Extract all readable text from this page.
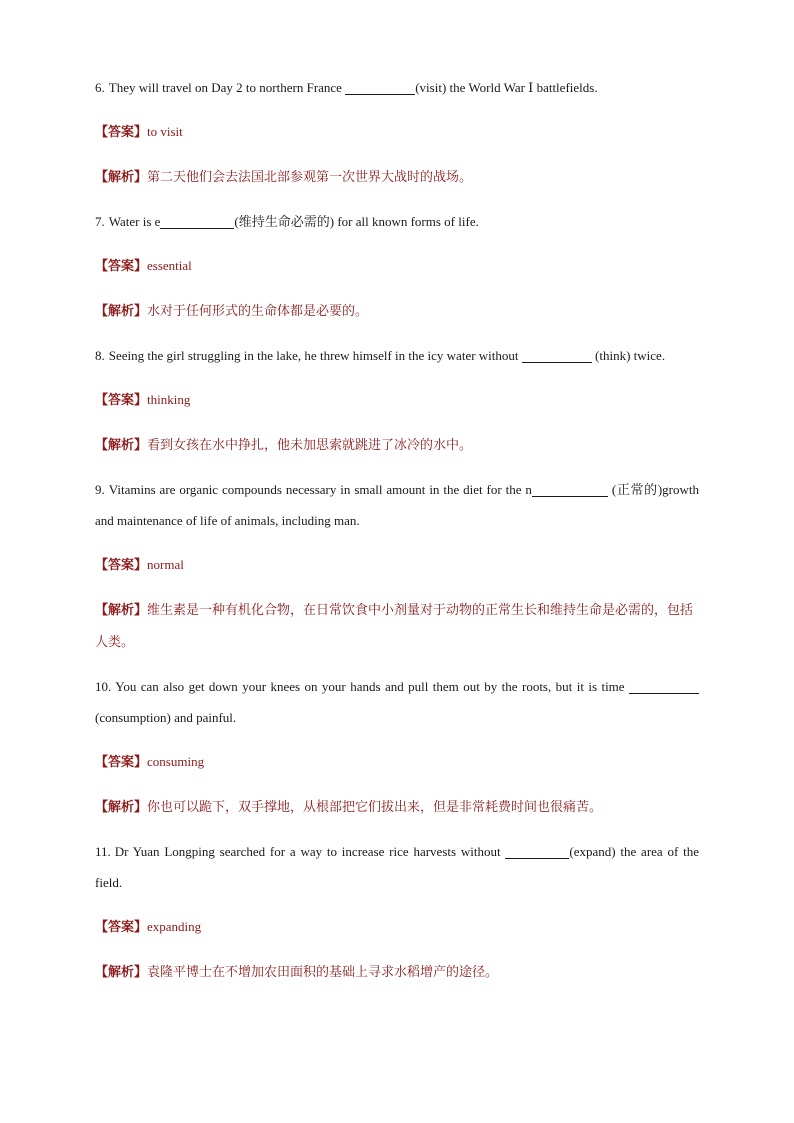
6. They will travel on Day 2 to northern France	(visit) the World War Ⅰ battlefields.

【答案】to visit

【解析】第二天他们会去法国北部参观第一次世界大战时的战场。

7. Water is e	(维持生命必需的) for all known forms of life.

【答案】essential

【解析】水对于任何形式的生命体都是必要的。

8. Seeing the girl struggling in the lake, he threw himself in the icy water without	(think) twice.

【答案】thinking

【解析】看到女孩在水中挣扎，他未加思索就跳进了冰冷的水中。

9. Vitamins are organic compounds necessary in small amount in the diet for the n	(正常的)growth and maintenance of life of animals, including man.

【答案】normal

【解析】维生素是一种有机化合物，在日常饮食中小剂量对于动物的正常生长和维持生命是必需的，包括人类。

10. You can also get down your knees on your hands and pull them out by the roots, but it is time  (consumption) and painful.

【答案】consuming

【解析】你也可以跪下，双手撑地，从根部把它们拔出来，但是非常耗费时间也很痛苦。

11. Dr Yuan Longping searched for a way to increase rice harvests without	(expand) the area of the field.

【答案】expanding

【解析】袁隆平博士在不增加农田面积的基础上寻求水稻增产的途径。
